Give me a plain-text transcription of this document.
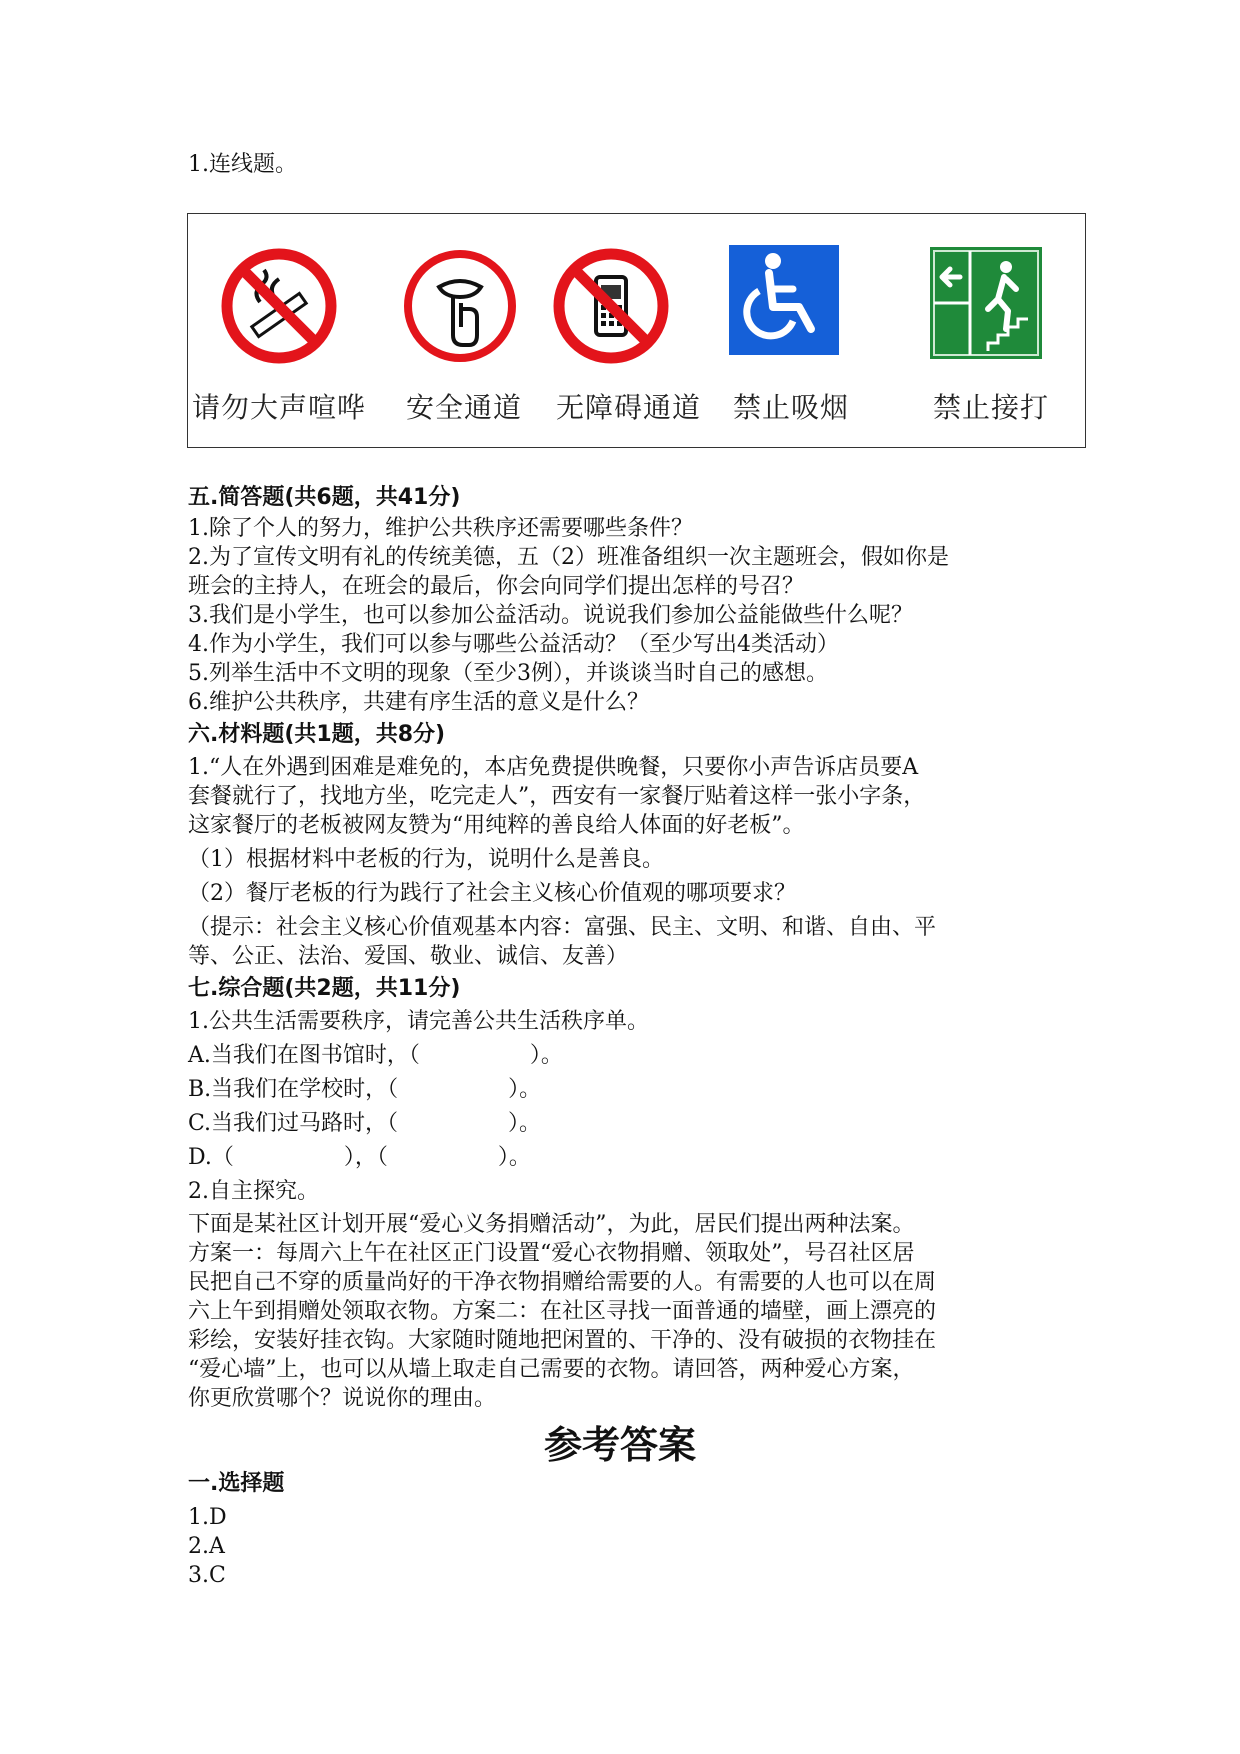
1.连线题。
请勿大声喧哗 安全通道 无障碍通道 禁止吸烟	禁止接打
五.简答题(共6题，共41分)
1.除了个人的努力，维护公共秩序还需要哪些条件？
2.为了宣传文明有礼的传统美德，五（2）班准备组织一次主题班会，假如你是
班会的主持人，在班会的最后，你会向同学们提出怎样的号召？
3.我们是小学生，也可以参加公益活动。说说我们参加公益能做些什么呢？
4.作为小学生，我们可以参与哪些公益活动？（至少写出4类活动）
5.列举生活中不文明的现象（至少3例），并谈谈当时自己的感想。
6.维护公共秩序，共建有序生活的意义是什么？
六.材料题(共1题，共8分)
1.“人在外遇到困难是难免的，本店免费提供晚餐，只要你小声告诉店员要A
套餐就行了，找地方坐，吃完走人”，西安有一家餐厅贴着这样一张小字条，
这家餐厅的老板被网友赞为“用纯粹的善良给人体面的好老板”。
（1）根据材料中老板的行为，说明什么是善良。
（2）餐厅老板的行为践行了社会主义核心价值观的哪项要求？
（提示：社会主义核心价值观基本内容：富强、民主、文明、和谐、自由、平
等、公正、法治、爱国、敬业、诚信、友善）
七.综合题(共2题，共11分)
1.公共生活需要秩序，请完善公共生活秩序单。
A.当我们在图书馆时，（　　　　　）。
B.当我们在学校时，（　　　　　）。
C.当我们过马路时，（　　　　　）。
D.（　　　　　），（　　　　　）。
2.自主探究。
下面是某社区计划开展“爱心义务捐赠活动”，为此，居民们提出两种法案。
方案一：每周六上午在社区正门设置“爱心衣物捐赠、领取处”，号召社区居
民把自己不穿的质量尚好的干净衣物捐赠给需要的人。有需要的人也可以在周
六上午到捐赠处领取衣物。方案二：在社区寻找一面普通的墙壁，画上漂亮的
彩绘，安装好挂衣钩。大家随时随地把闲置的、干净的、没有破损的衣物挂在
“爱心墙”上，也可以从墙上取走自己需要的衣物。请回答，两种爱心方案，
你更欣赏哪个？说说你的理由。
参考答案
一.选择题
1.D
2.A
3.C
